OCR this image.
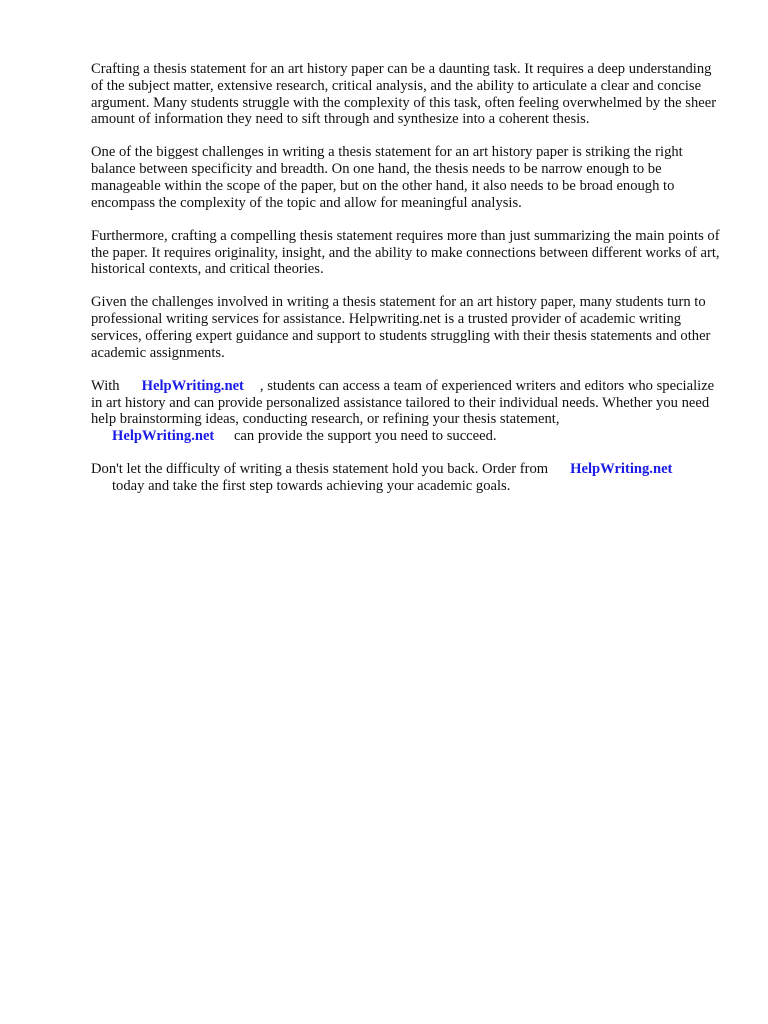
Crafting a thesis statement for an art history paper can be a daunting task. It requires a deep understanding of the subject matter, extensive research, critical analysis, and the ability to articulate a clear and concise argument. Many students struggle with the complexity of this task, often feeling overwhelmed by the sheer amount of information they need to sift through and synthesize into a coherent thesis.

One of the biggest challenges in writing a thesis statement for an art history paper is striking the right balance between specificity and breadth. On one hand, the thesis needs to be narrow enough to be manageable within the scope of the paper, but on the other hand, it also needs to be broad enough to encompass the complexity of the topic and allow for meaningful analysis.

Furthermore, crafting a compelling thesis statement requires more than just summarizing the main points of the paper. It requires originality, insight, and the ability to make connections between different works of art, historical contexts, and critical theories.

Given the challenges involved in writing a thesis statement for an art history paper, many students turn to professional writing services for assistance. Helpwriting.net is a trusted provider of academic writing services, offering expert guidance and support to students struggling with their thesis statements and other academic assignments.

With HelpWriting.net , students can access a team of experienced writers and editors who specialize in art history and can provide personalized assistance tailored to their individual needs. Whether you need help brainstorming ideas, conducting research, or refining your thesis statement,
HelpWriting.net can provide the support you need to succeed.

Don't let the difficulty of writing a thesis statement hold you back. Order from HelpWriting.net
today and take the first step towards achieving your academic goals.
